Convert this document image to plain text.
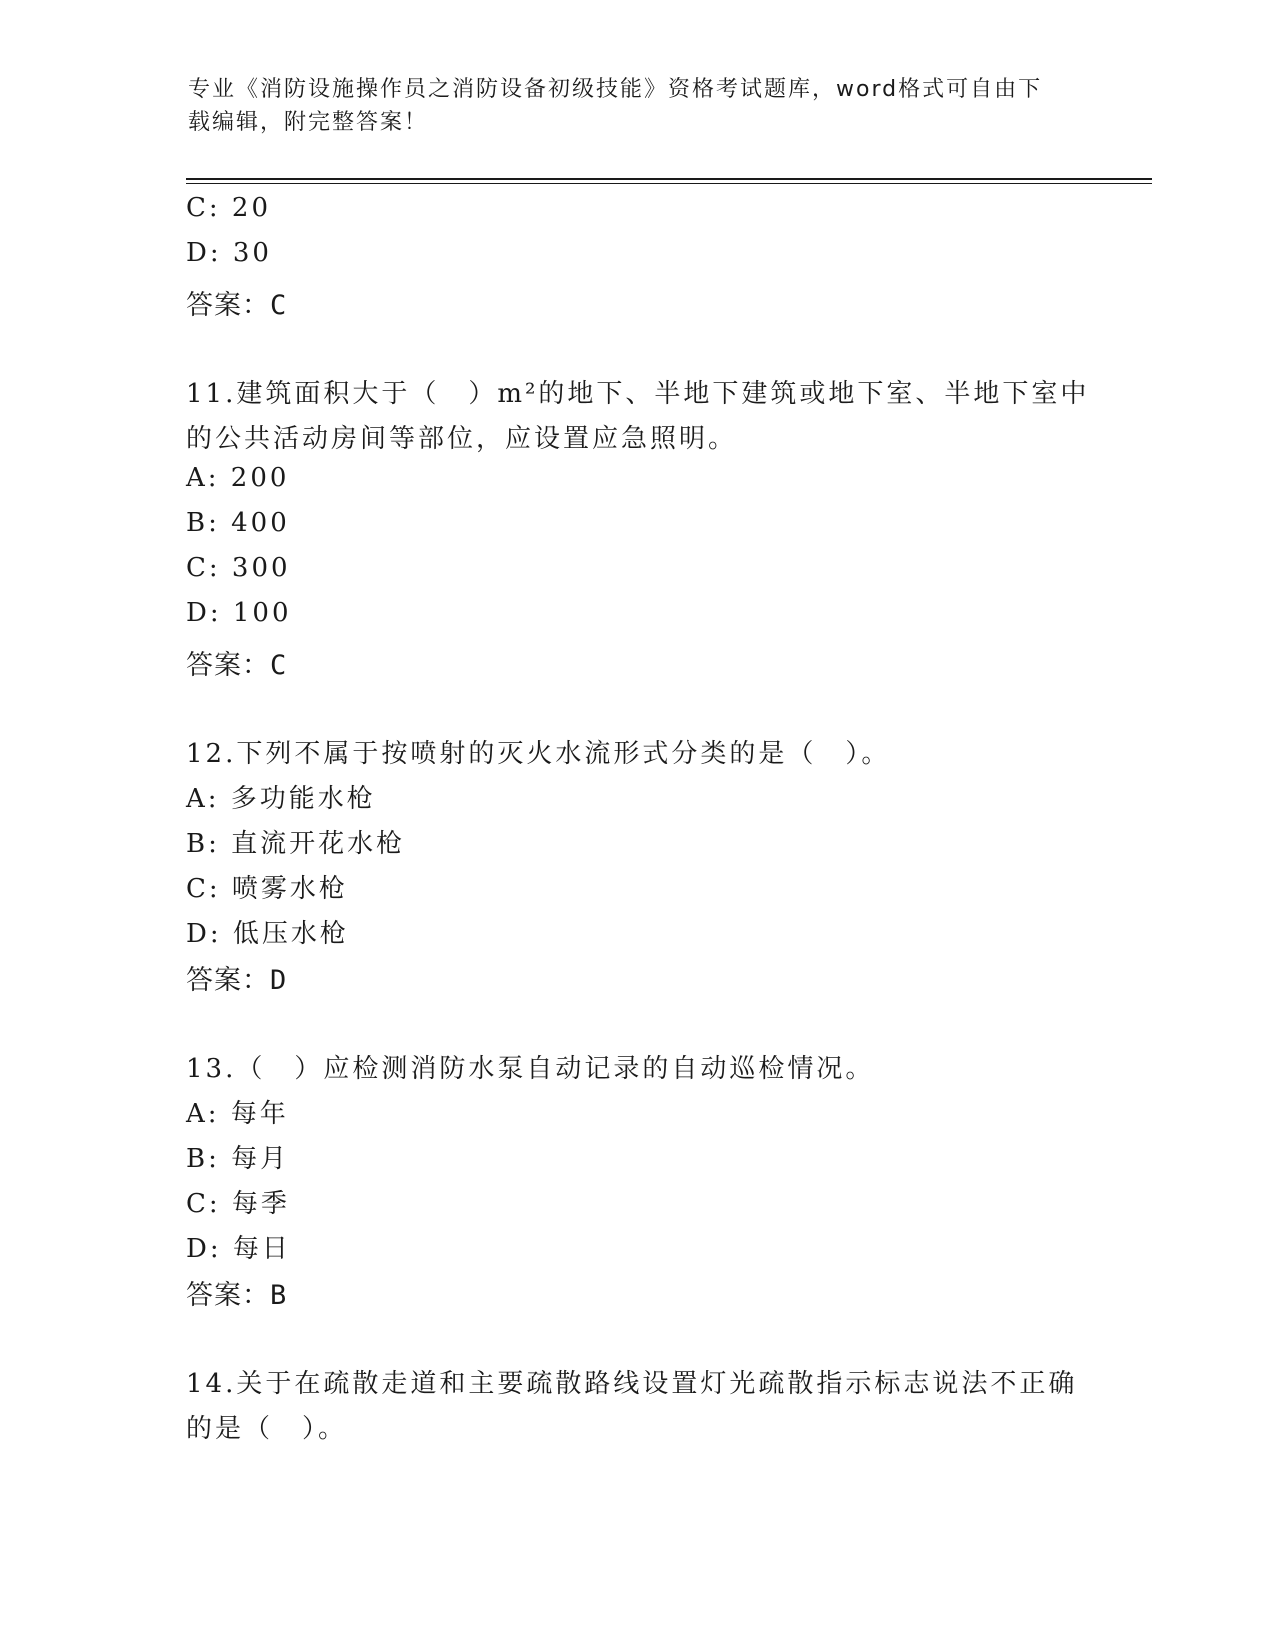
专业《消防设施操作员之消防设备初级技能》资格考试题库，word格式可自由下
载编辑，附完整答案！
C: 20
D: 30
答案：C
11.建筑面积大于（　）m²的地下、半地下建筑或地下室、半地下室中
的公共活动房间等部位，应设置应急照明。
A: 200
B: 400
C: 300
D: 100
答案：C
12.下列不属于按喷射的灭火水流形式分类的是（　）。
A: 多功能水枪
B: 直流开花水枪
C: 喷雾水枪
D: 低压水枪
答案：D
13.（　）应检测消防水泵自动记录的自动巡检情况。
A: 每年
B: 每月
C: 每季
D: 每日
答案：B
14.关于在疏散走道和主要疏散路线设置灯光疏散指示标志说法不正确
的是（　）。
